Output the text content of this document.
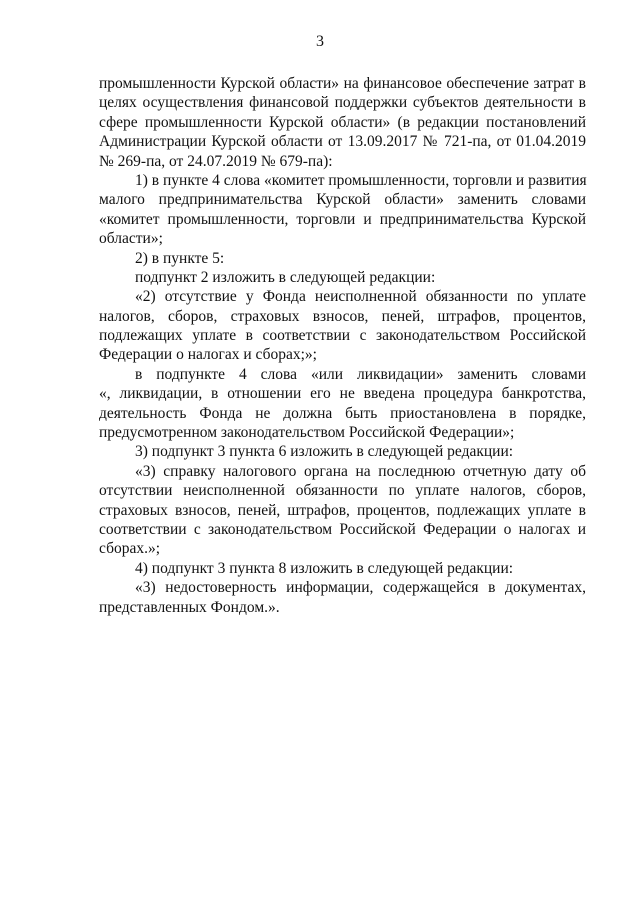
3
промышленности Курской области» на финансовое обеспечение затрат в
целях осуществления финансовой поддержки субъектов деятельности в
сфере промышленности Курской области» (в редакции постановлений
Администрации Курской области от 13.09.2017 № 721-па, от 01.04.2019
№ 269-па, от 24.07.2019 № 679-па):
1) в пункте 4 слова «комитет промышленности, торговли и развития
малого предпринимательства Курской области» заменить словами
«комитет промышленности, торговли и предпринимательства Курской
области»;
2) в пункте 5:
подпункт 2 изложить в следующей редакции:
«2) отсутствие у Фонда неисполненной обязанности по уплате
налогов, сборов, страховых взносов, пеней, штрафов, процентов,
подлежащих уплате в соответствии с законодательством Российской
Федерации о налогах и сборах;»;
в подпункте 4 слова «или ликвидации» заменить словами
«, ликвидации, в отношении его не введена процедура банкротства,
деятельность Фонда не должна быть приостановлена в порядке,
предусмотренном законодательством Российской Федерации»;
3) подпункт 3 пункта 6 изложить в следующей редакции:
«3) справку налогового органа на последнюю отчетную дату об
отсутствии неисполненной обязанности по уплате налогов, сборов,
страховых взносов, пеней, штрафов, процентов, подлежащих уплате в
соответствии с законодательством Российской Федерации о налогах и
сборах.»;
4) подпункт 3 пункта 8 изложить в следующей редакции:
«3) недостоверность информации, содержащейся в документах,
представленных Фондом.».
